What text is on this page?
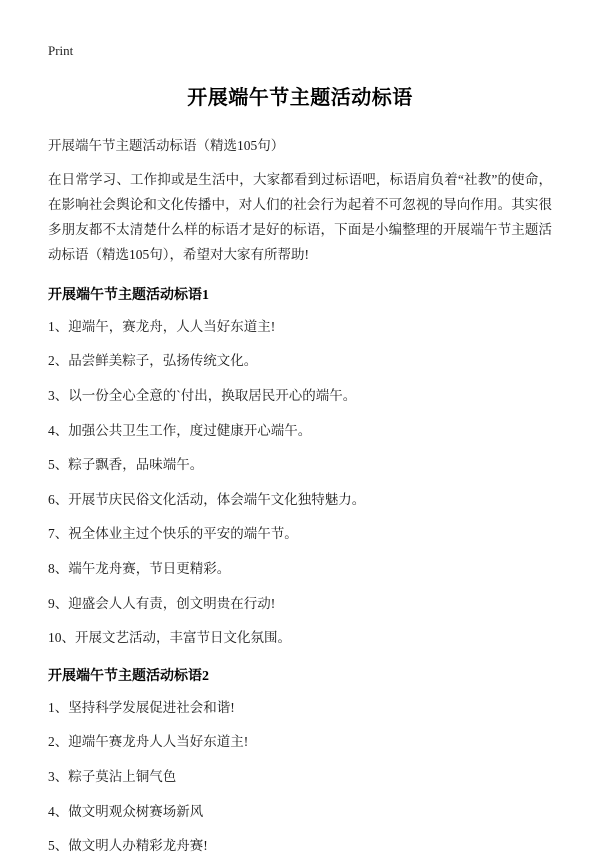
Print
开展端午节主题活动标语

开展端午节主题活动标语（精选105句）

在日常学习、工作抑或是生活中，大家都看到过标语吧，标语肩负着“社教”的使命，在影响社会舆论和文化传播中，对人们的社会行为起着不可忽视的导向作用。其实很多朋友都不太清楚什么样的标语才是好的标语，下面是小编整理的开展端午节主题活动标语（精选105句），希望对大家有所帮助!

开展端午节主题活动标语1

1、迎端午，赛龙舟，人人当好东道主!

2、品尝鲜美粽子，弘扬传统文化。

3、以一份全心全意的`付出，换取居民开心的端午。

4、加强公共卫生工作，度过健康开心端午。

5、粽子飘香，品味端午。

6、开展节庆民俗文化活动，体会端午文化独特魅力。

7、祝全体业主过个快乐的平安的端午节。

8、端午龙舟赛，节日更精彩。

9、迎盛会人人有责，创文明贵在行动!

10、开展文艺活动，丰富节日文化氛围。

开展端午节主题活动标语2

1、坚持科学发展促进社会和谐!

2、迎端午赛龙舟人人当好东道主!

3、粽子莫沾上铜气色

4、做文明观众树赛场新风

5、做文明人办精彩龙舟赛!
